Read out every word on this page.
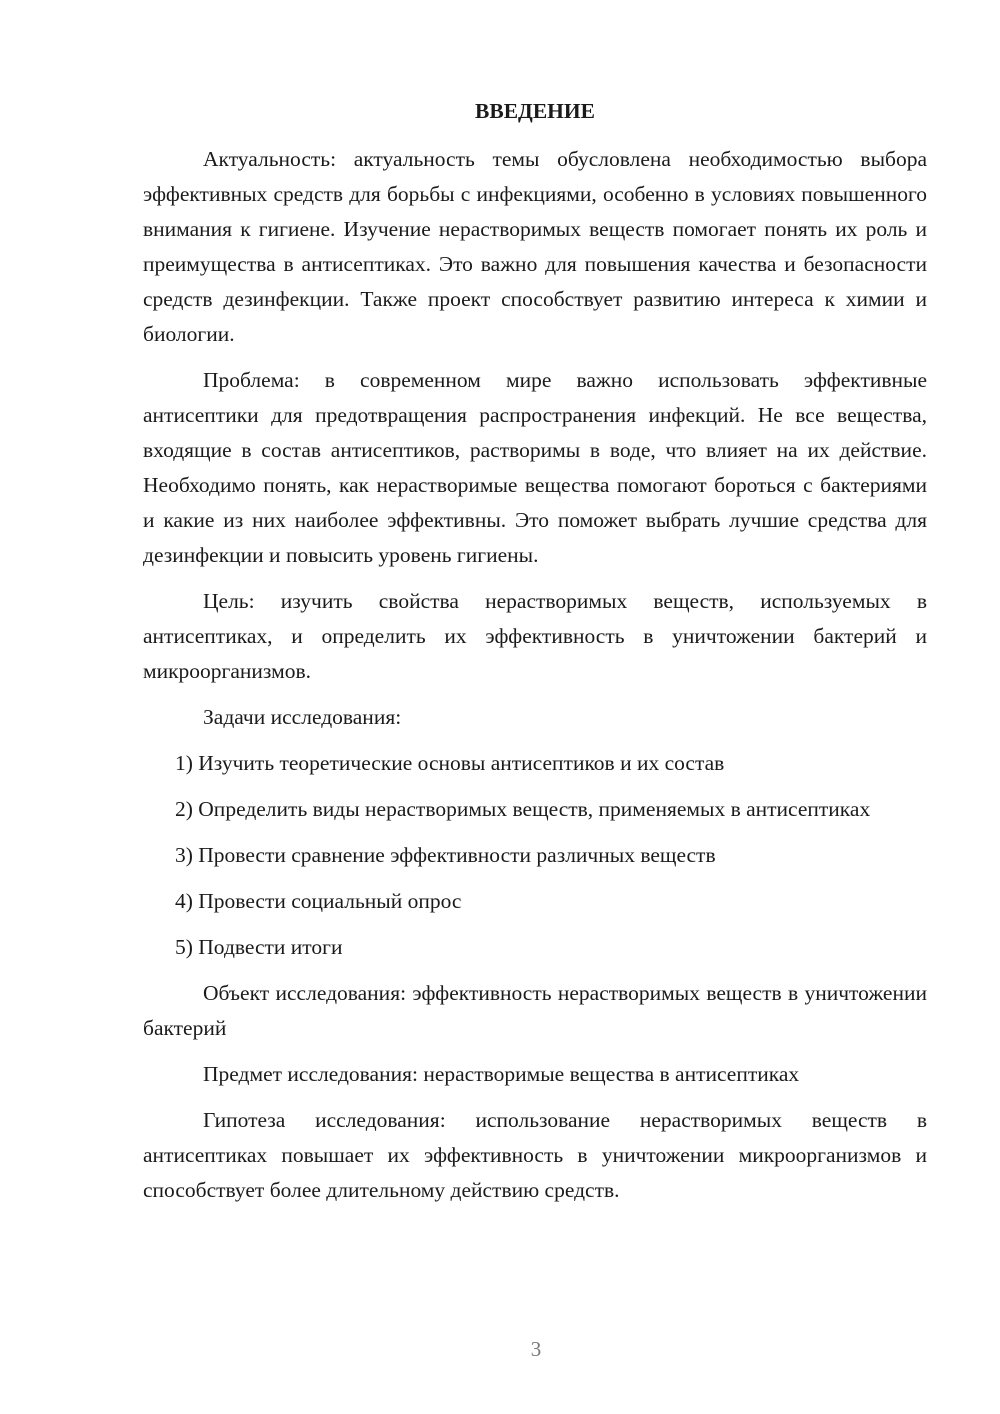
ВВЕДЕНИЕ

Актуальность: актуальность темы обусловлена необходимостью выбора эффективных средств для борьбы с инфекциями, особенно в условиях повышенного внимания к гигиене. Изучение нерастворимых веществ помогает понять их роль и преимущества в антисептиках. Это важно для повышения качества и безопасности средств дезинфекции. Также проект способствует развитию интереса к химии и биологии.

Проблема: в современном мире важно использовать эффективные антисептики для предотвращения распространения инфекций. Не все вещества, входящие в состав антисептиков, растворимы в воде, что влияет на их действие. Необходимо понять, как нерастворимые вещества помогают бороться с бактериями и какие из них наиболее эффективны. Это поможет выбрать лучшие средства для дезинфекции и повысить уровень гигиены.

Цель: изучить свойства нерастворимых веществ, используемых в антисептиках, и определить их эффективность в уничтожении бактерий и микроорганизмов.

Задачи исследования:

1) Изучить теоретические основы антисептиков и их состав

2) Определить виды нерастворимых веществ, применяемых в антисептиках

3) Провести сравнение эффективности различных веществ

4) Провести социальный опрос

5) Подвести итоги

Объект исследования: эффективность нерастворимых веществ в уничтожении бактерий

Предмет исследования: нерастворимые вещества в антисептиках

Гипотеза исследования: использование нерастворимых веществ в антисептиках повышает их эффективность в уничтожении микроорганизмов и способствует более длительному действию средств.

3
